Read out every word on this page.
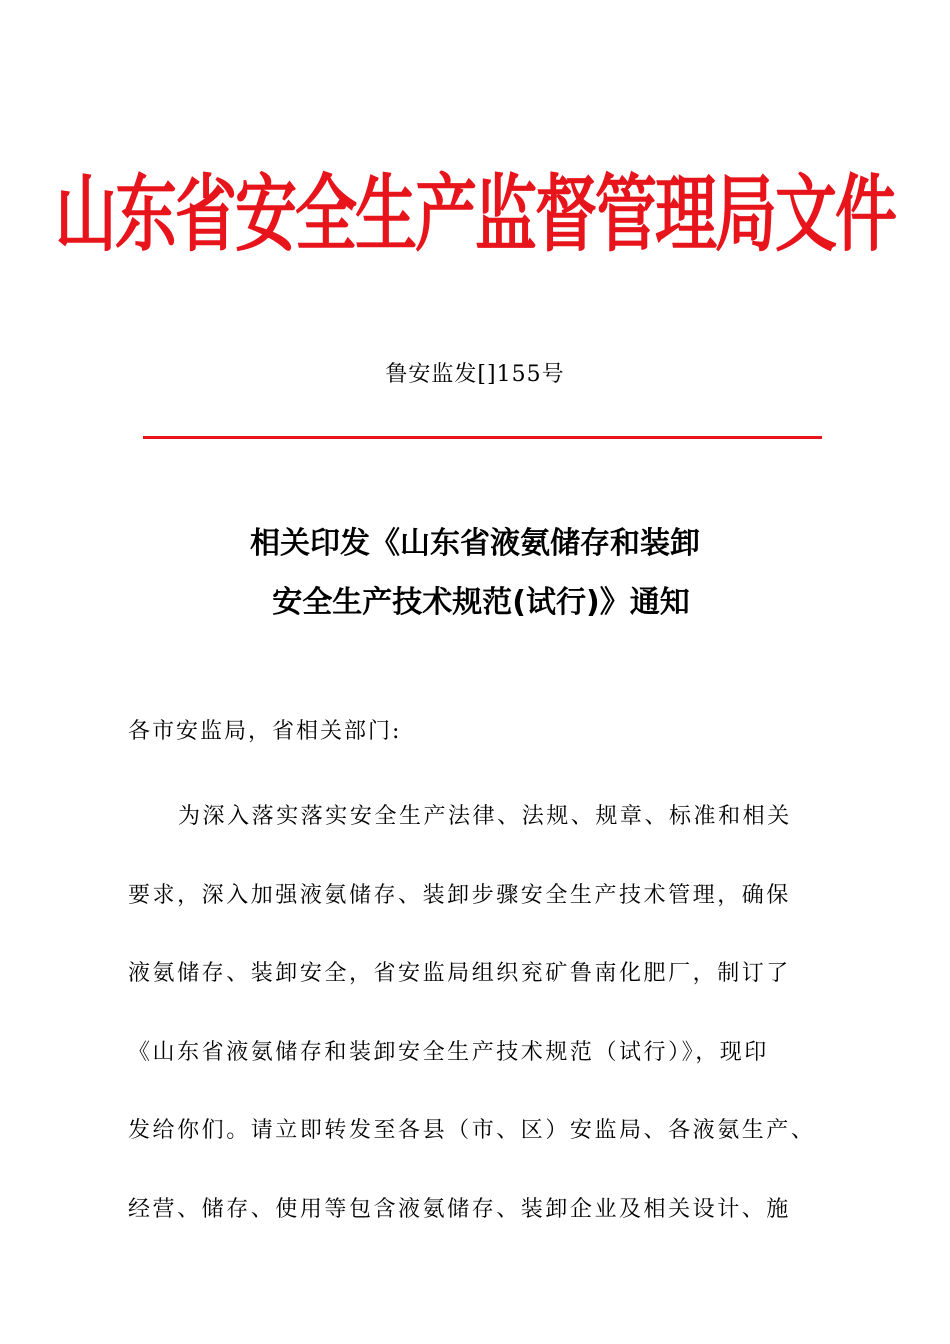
山东省安全生产监督管理局文件
鲁安监发[]155号
相关印发《山东省液氨储存和装卸
安全生产技术规范(试行)》通知
各市安监局，省相关部门:
为深入落实落实安全生产法律、法规、规章、标准和相关
要求，深入加强液氨储存、装卸步骤安全生产技术管理，确保
液氨储存、装卸安全，省安监局组织兖矿鲁南化肥厂，制订了
《山东省液氨储存和装卸安全生产技术规范（试行）》，现印
发给你们。请立即转发至各县（市、区）安监局、各液氨生产、
经营、储存、使用等包含液氨储存、装卸企业及相关设计、施
